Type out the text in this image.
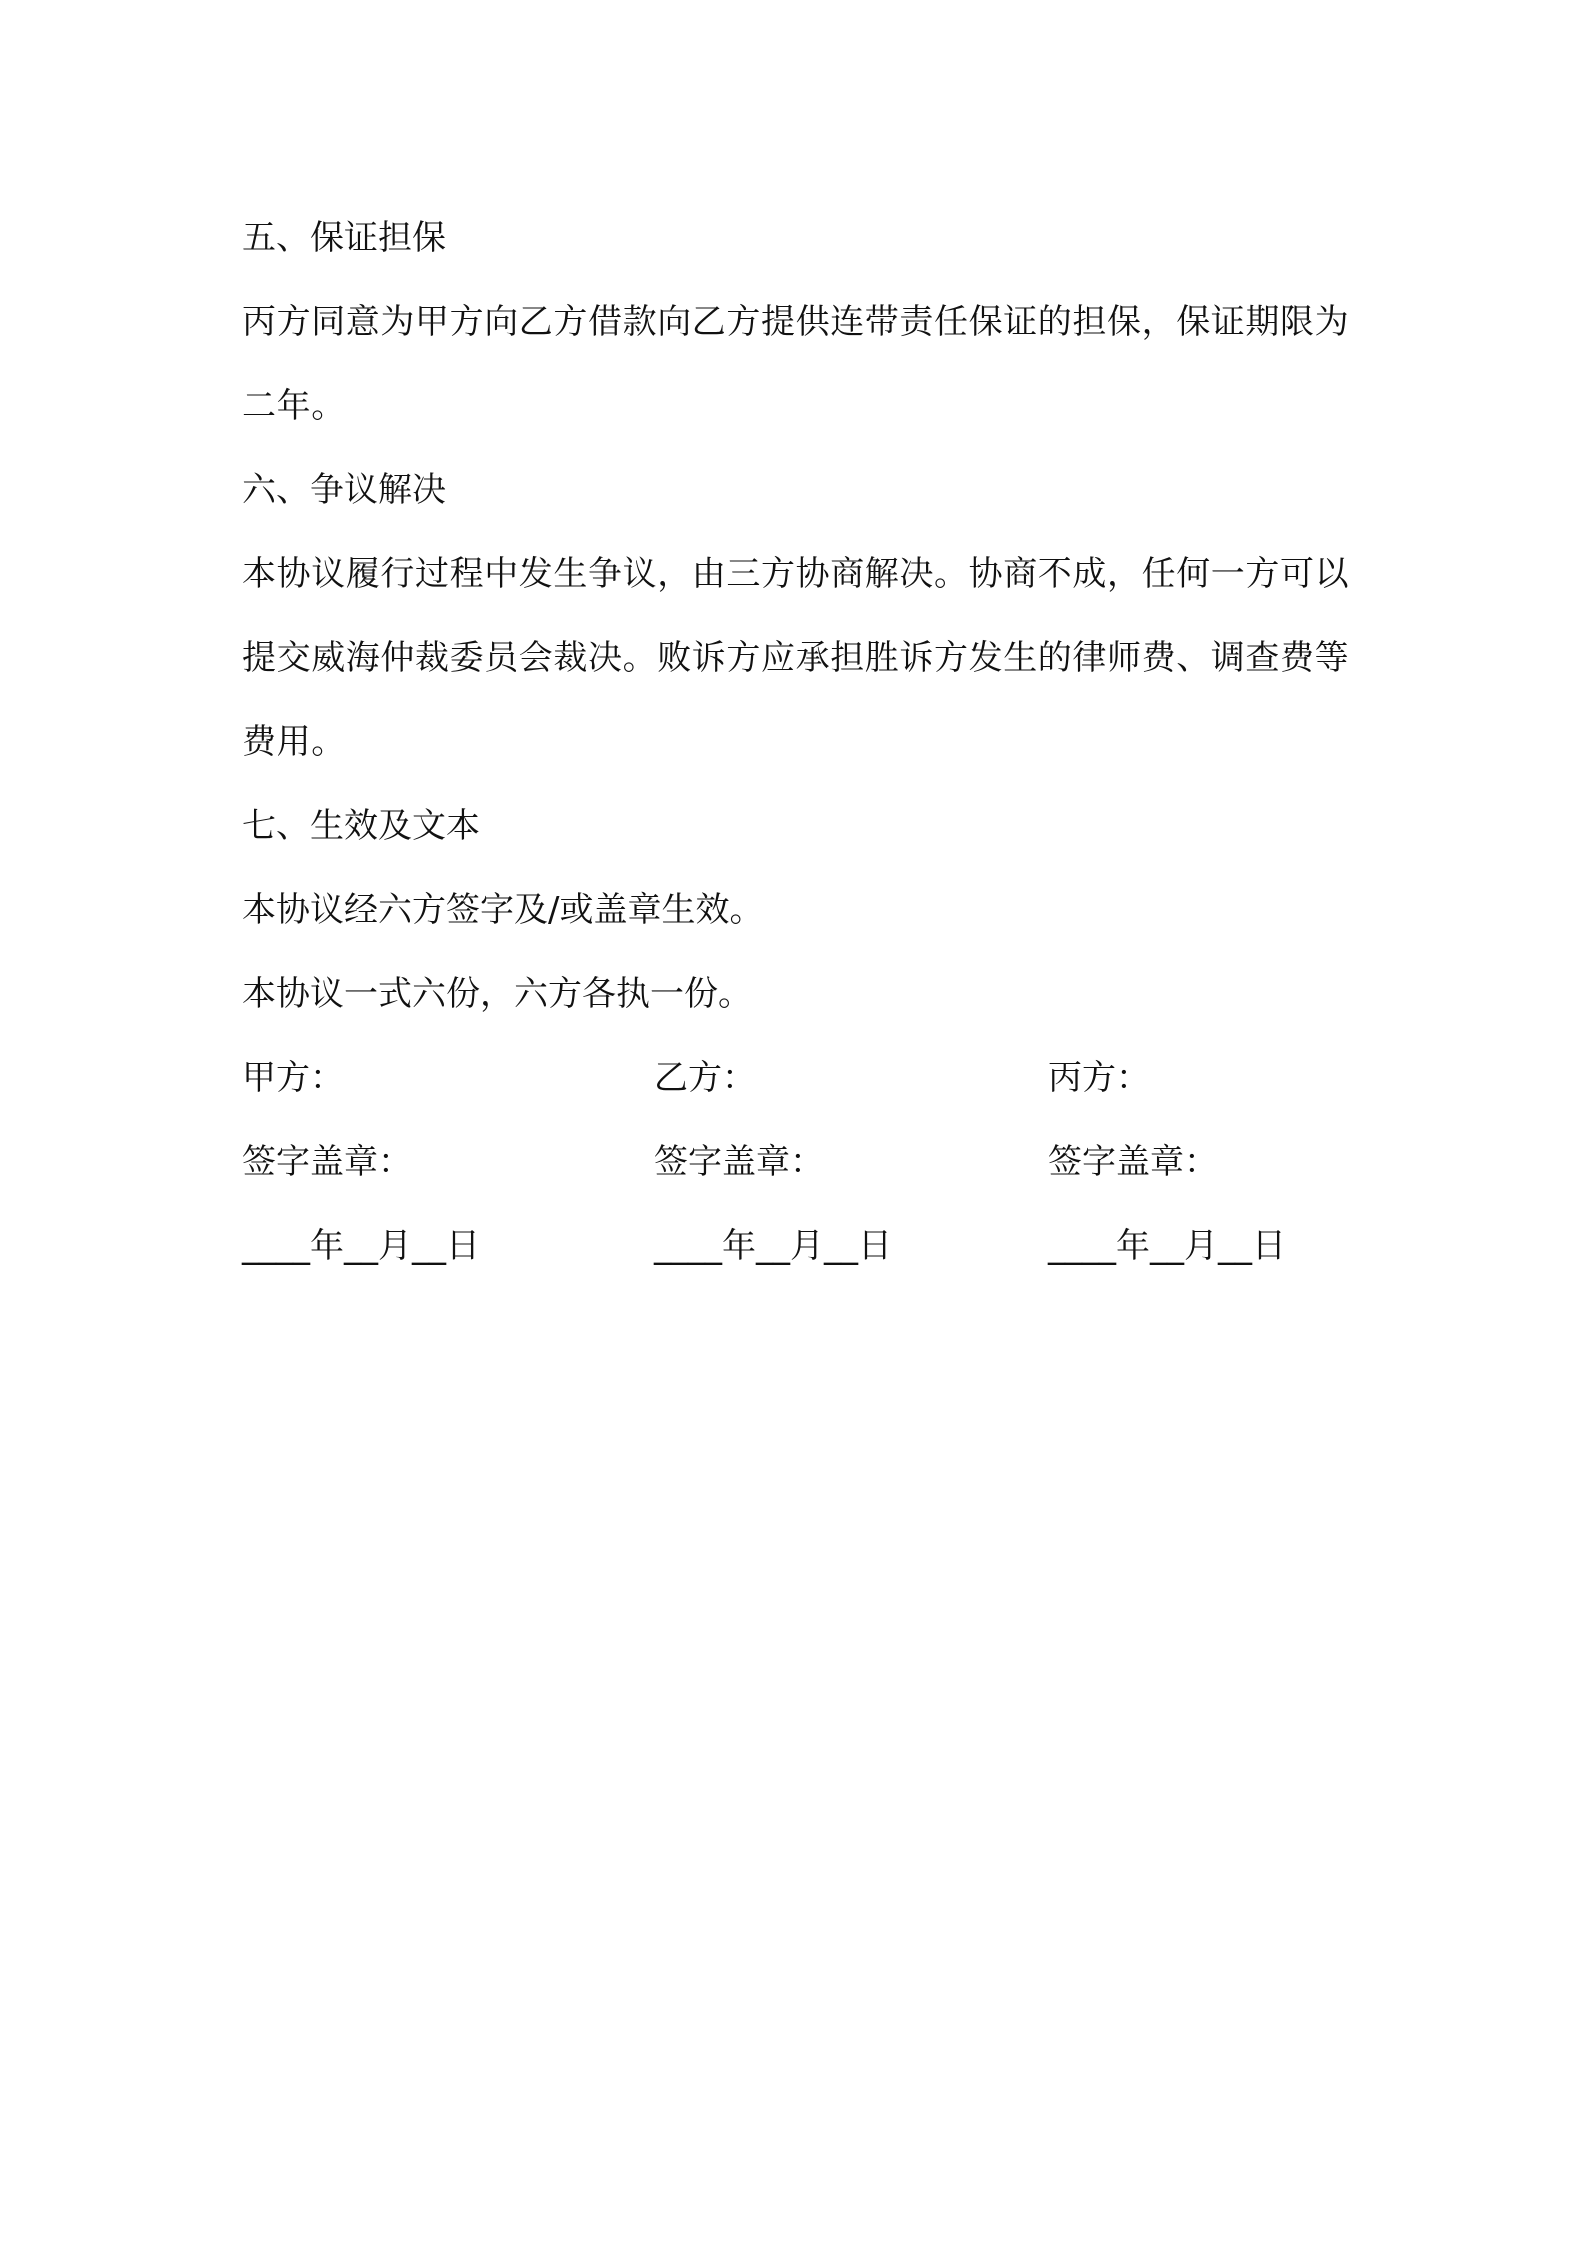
五、保证担保
丙方同意为甲方向乙方借款向乙方提供连带责任保证的担保，保证期限为二年。
六、争议解决
本协议履行过程中发生争议，由三方协商解决。协商不成，任何一方可以提交威海仲裁委员会裁决。败诉方应承担胜诉方发生的律师费、调查费等费用。
七、生效及文本
本协议经六方签字及/或盖章生效。
本协议一式六份，六方各执一份。
甲方：	乙方：	丙方：
签字盖章：	签字盖章：	签字盖章：
____年__月__日	____年__月__日	____年__月__日
